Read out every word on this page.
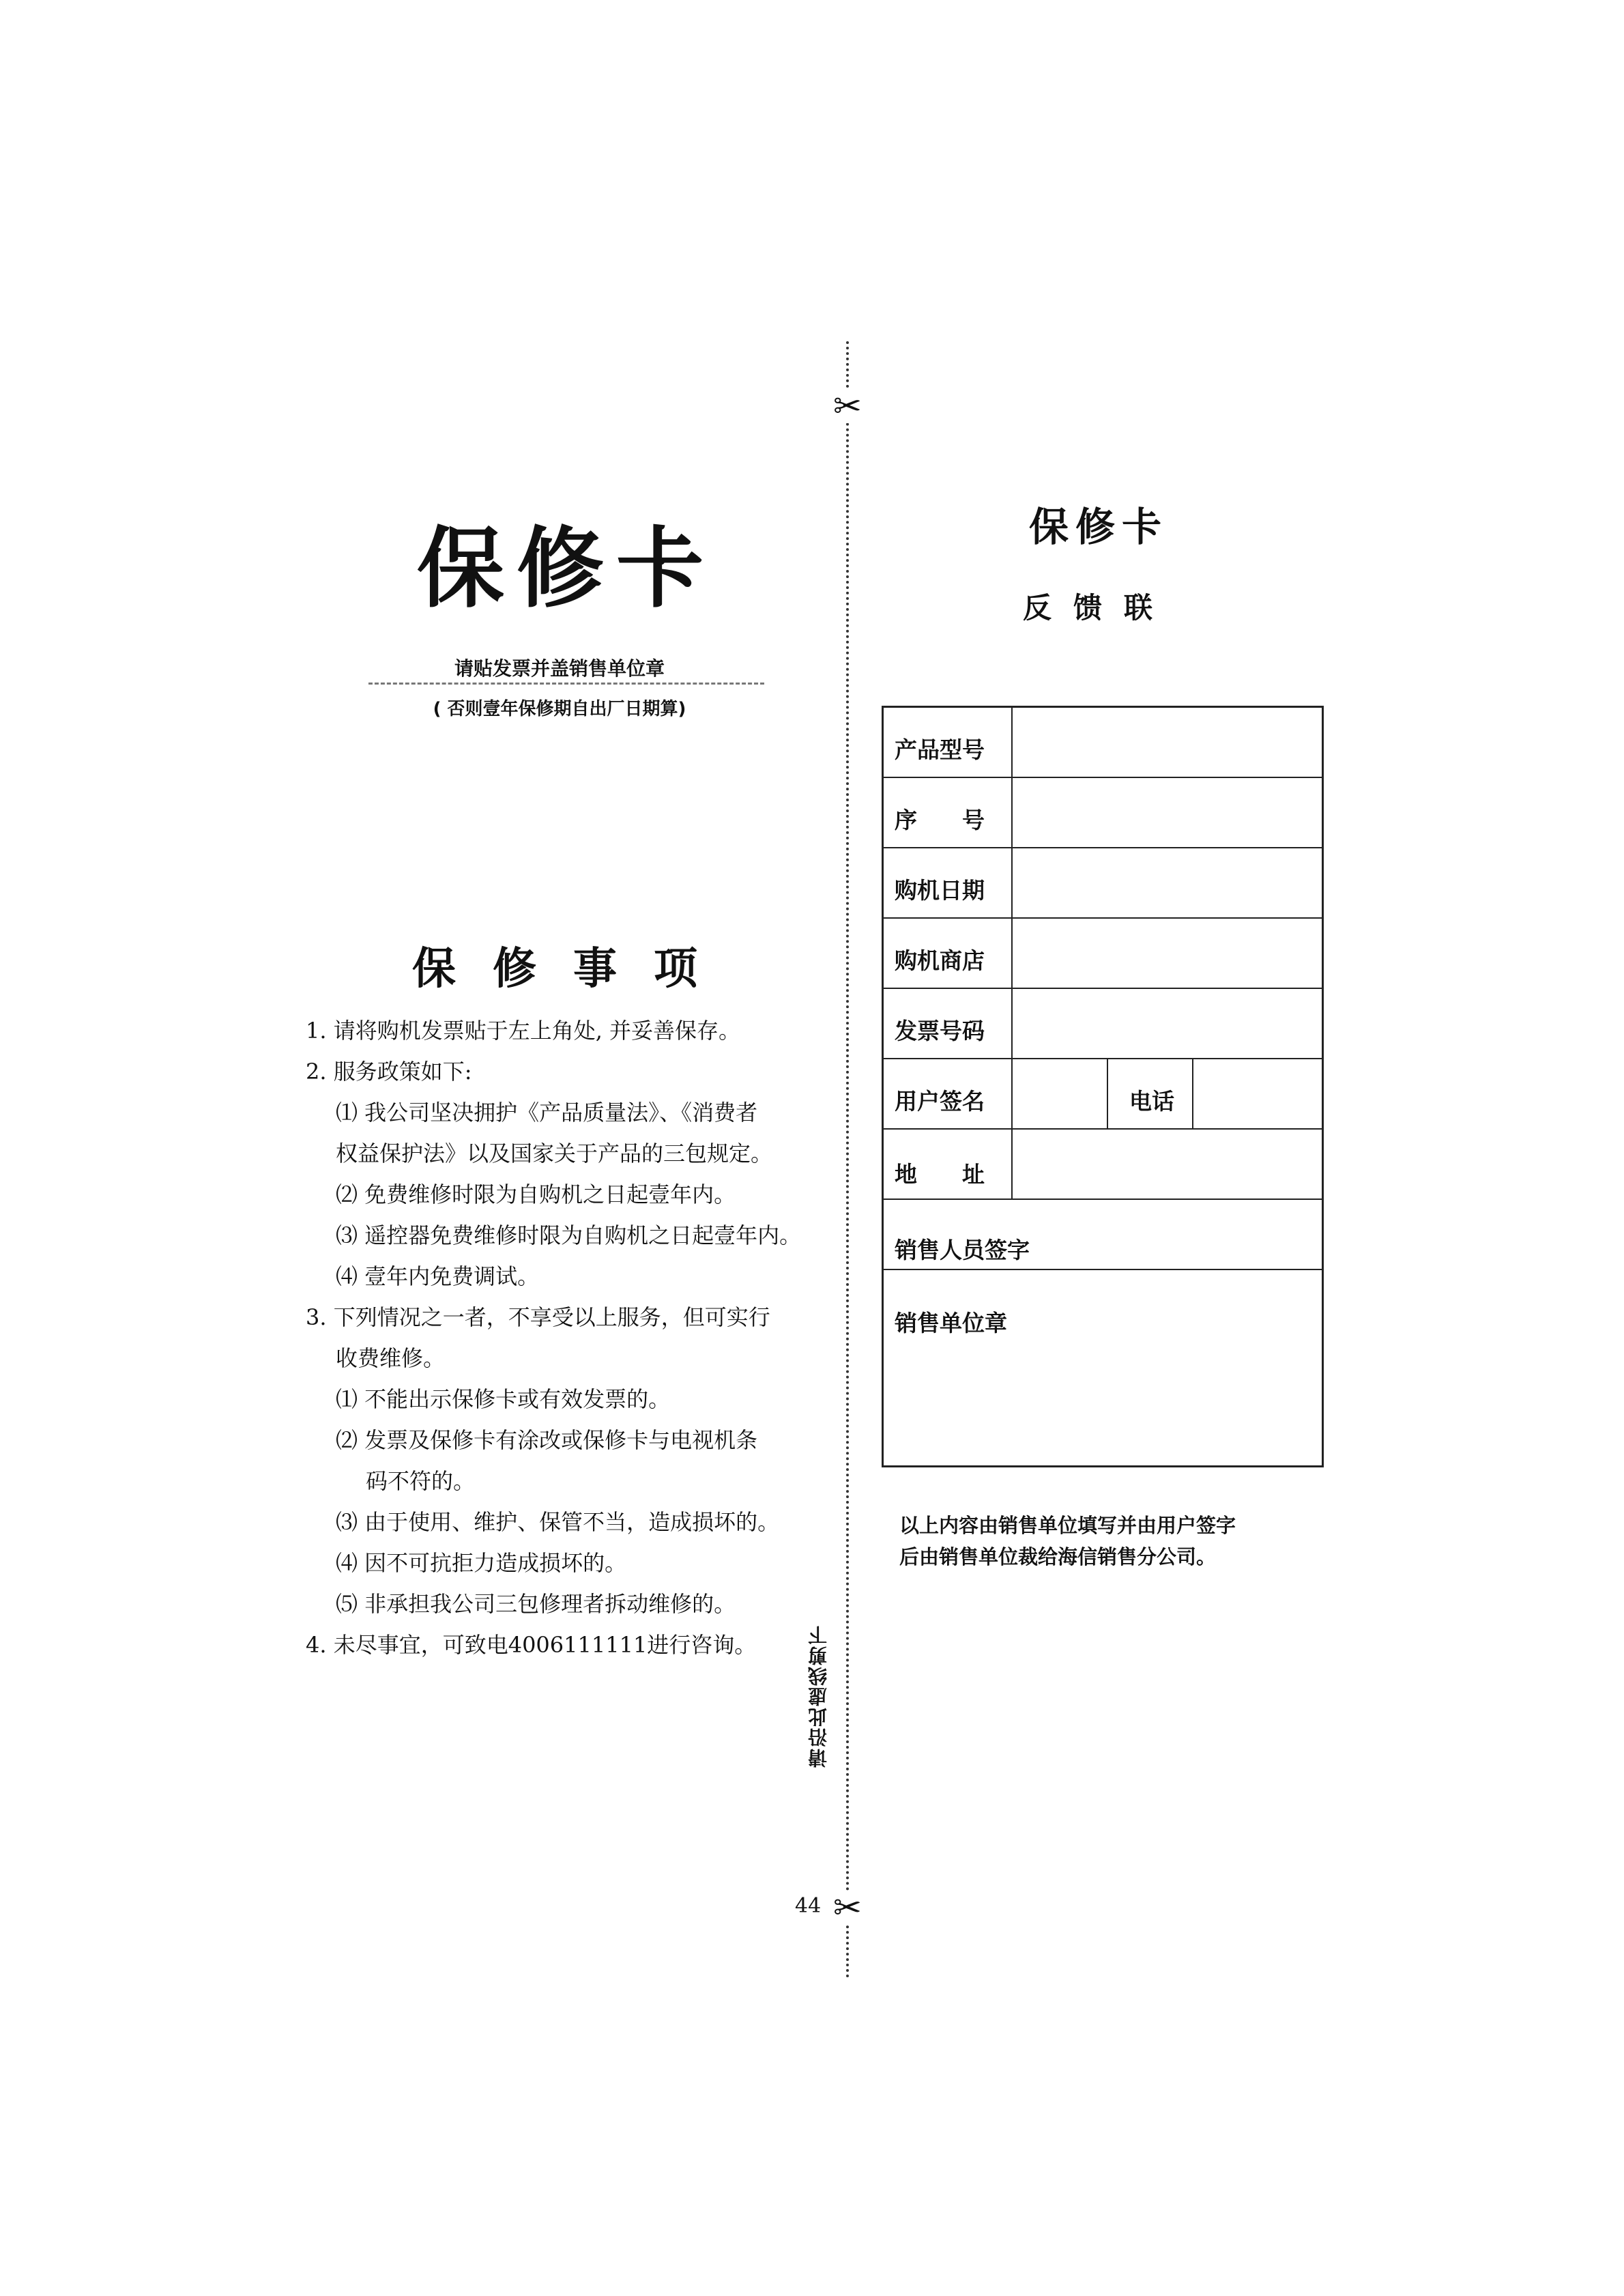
保修卡
请贴发票并盖销售单位章
( 否则壹年保修期自出厂日期算)
保修事项
1. 请将购机发票贴于左上角处, 并妥善保存。
2. 服务政策如下:
⑴ 我公司坚决拥护《产品质量法》、《消费者
权益保护法》以及国家关于产品的三包规定。
⑵ 免费维修时限为自购机之日起壹年内。
⑶ 遥控器免费维修时限为自购机之日起壹年内。
⑷ 壹年内免费调试。
3. 下列情况之一者，不享受以上服务，但可实行
收费维修。
⑴ 不能出示保修卡或有效发票的。
⑵ 发票及保修卡有涂改或保修卡与电视机条
码不符的。
⑶ 由于使用、维护、保管不当，造成损坏的。
⑷ 因不可抗拒力造成损坏的。
⑸ 非承担我公司三包修理者拆动维修的。
4. 未尽事宜，可致电4006111111进行咨询。
✂
✂
请沿此虚线剪下
44
保修卡
反馈联
产品型号
序　　号
购机日期
购机商店
发票号码
用户签名	电话
地　　址
销售人员签字
销售单位章
以上内容由销售单位填写并由用户签字
后由销售单位裁给海信销售分公司。
